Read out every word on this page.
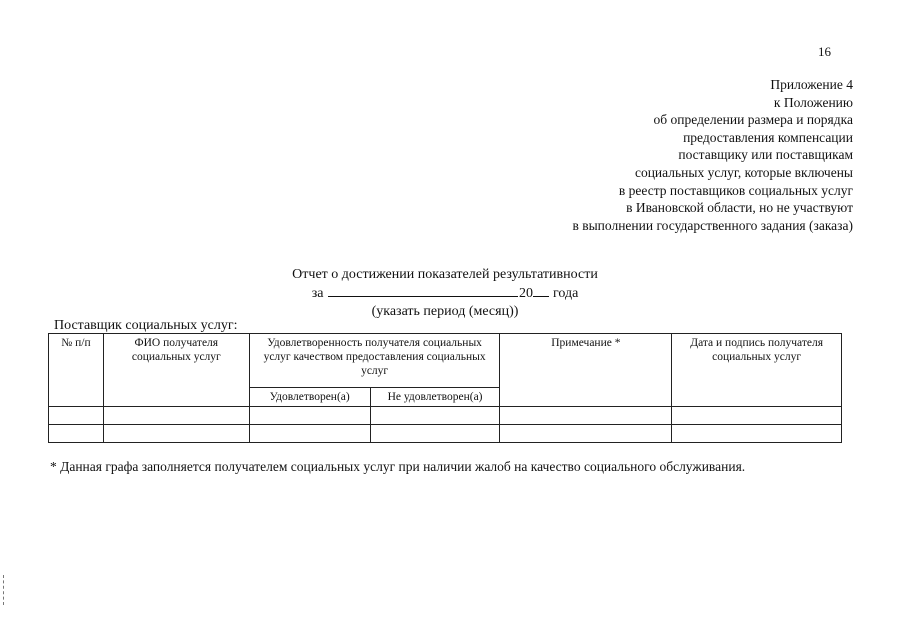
16
Приложение 4
к Положению
об определении размера и порядка
предоставления компенсации
поставщику или поставщикам
социальных услуг, которые включены
в реестр поставщиков социальных услуг
в Ивановской области, но не участвуют
в выполнении государственного задания (заказа)
Отчет о достижении показателей результативности
за	20 года
(указать период (месяц))
Поставщик социальных услуг:
№ п/п	ФИО получателя социальных услуг	Удовлетворенность получателя социальных услуг качеством предоставления социальных услуг		Примечание *	Дата и подпись получателя социальных услуг
		Удовлетворен(а)	Не удовлетворен(а)		

* Данная графа заполняется получателем социальных услуг при наличии жалоб на качество социального обслуживания.
